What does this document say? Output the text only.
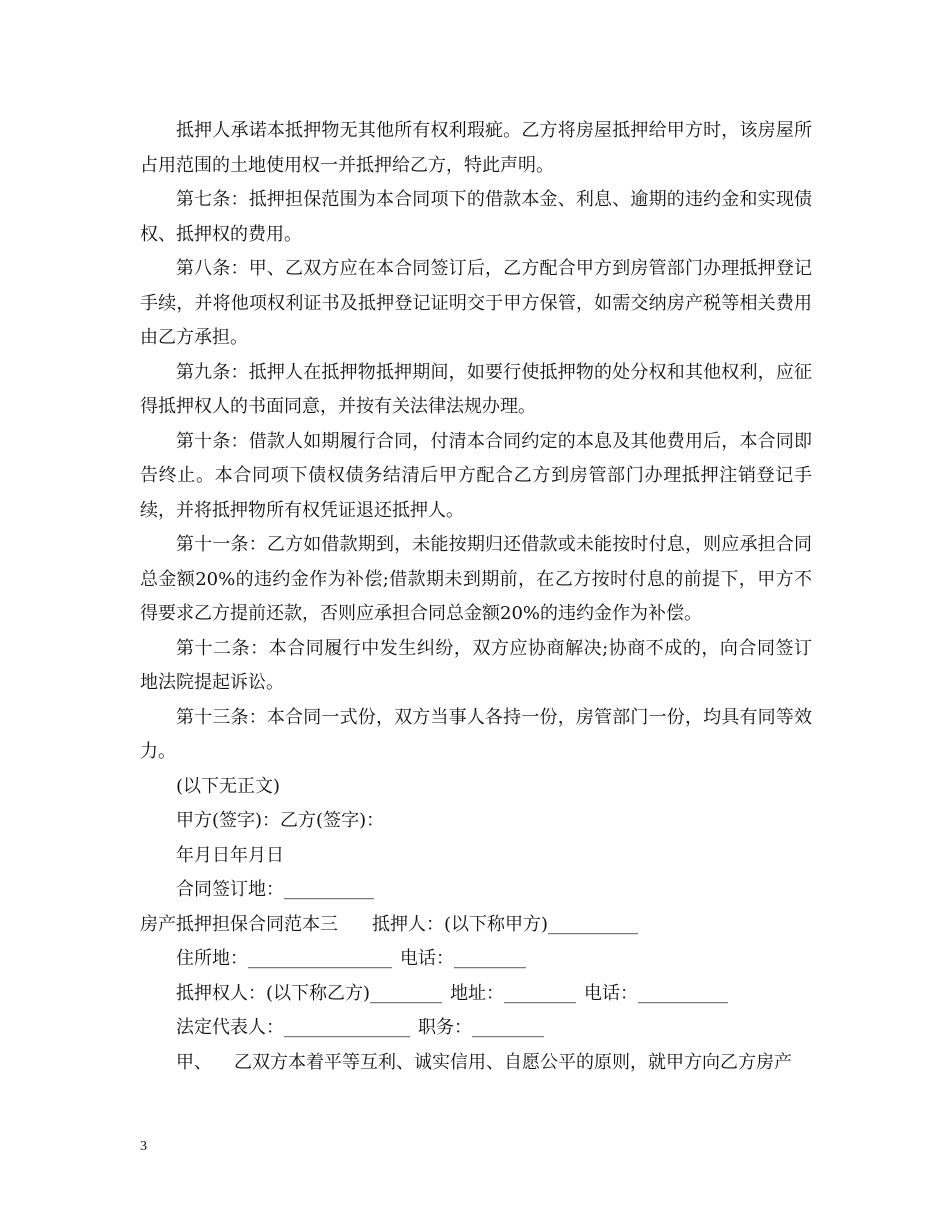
抵押人承诺本抵押物无其他所有权利瑕疵。乙方将房屋抵押给甲方时，该房屋所占用范围的土地使用权一并抵押给乙方，特此声明。

第七条：抵押担保范围为本合同项下的借款本金、利息、逾期的违约金和实现债权、抵押权的费用。

第八条：甲、乙双方应在本合同签订后，乙方配合甲方到房管部门办理抵押登记手续，并将他项权利证书及抵押登记证明交于甲方保管，如需交纳房产税等相关费用由乙方承担。

第九条：抵押人在抵押物抵押期间，如要行使抵押物的处分权和其他权利，应征得抵押权人的书面同意，并按有关法律法规办理。

第十条：借款人如期履行合同，付清本合同约定的本息及其他费用后，本合同即告终止。本合同项下债权债务结清后甲方配合乙方到房管部门办理抵押注销登记手续，并将抵押物所有权凭证退还抵押人。

第十一条：乙方如借款期到，未能按期归还借款或未能按时付息，则应承担合同总金额20%的违约金作为补偿;借款期未到期前，在乙方按时付息的前提下，甲方不得要求乙方提前还款，否则应承担合同总金额20%的违约金作为补偿。

第十二条：本合同履行中发生纠纷，双方应协商解决;协商不成的，向合同签订地法院提起诉讼。

第十三条：本合同一式份，双方当事人各持一份，房管部门一份，均具有同等效力。

(以下无正文)

甲方(签字)：乙方(签字)：

年月日年月日

合同签订地：__________

房产抵押担保合同范本三 抵押人：(以下称甲方)__________

住所地：________________ 电话：________

抵押权人：(以下称乙方)________ 地址：________ 电话：__________

法定代表人：______________ 职务：________

甲、 乙双方本着平等互利、诚实信用、自愿公平的原则，就甲方向乙方房产

3
